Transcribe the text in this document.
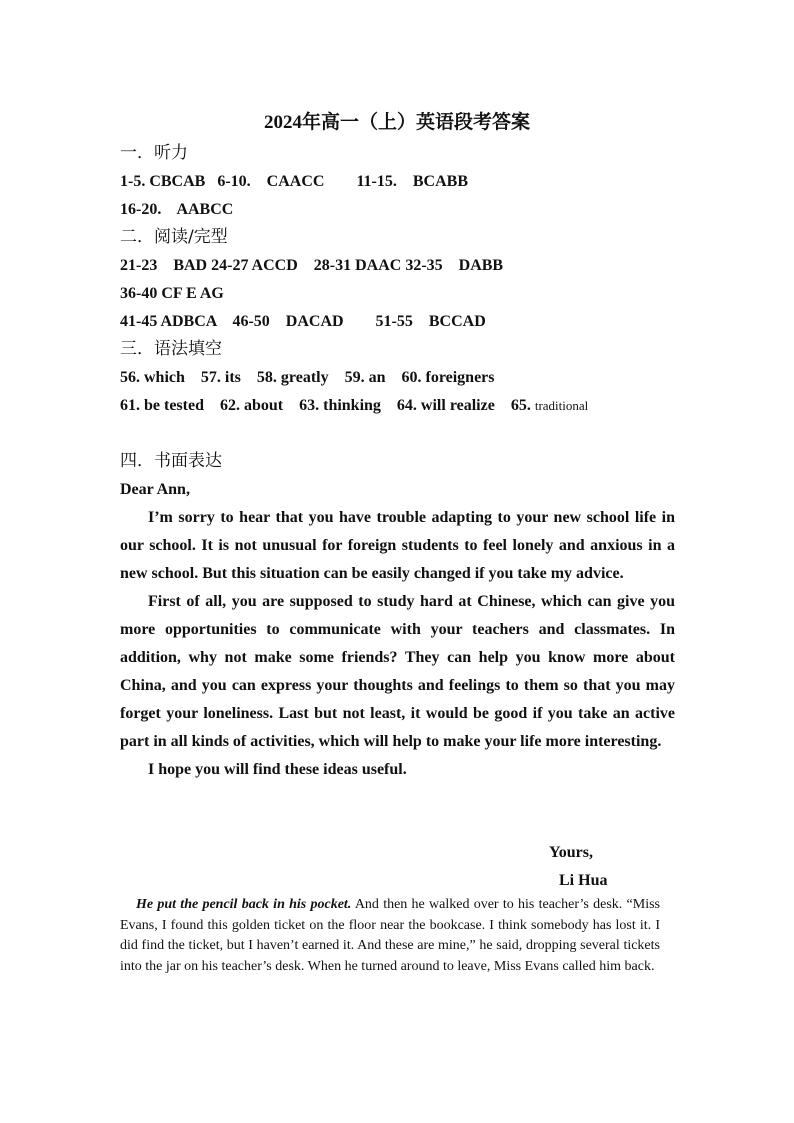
2024年高一（上）英语段考答案
一．听力
1-5. CBCAB   6-10.    CAACC        11-15.    BCABB
16-20.    AABCC
二．阅读/完型
21-23    BAD 24-27 ACCD    28-31 DAAC 32-35    DABB
36-40 CF E AG
41-45 ADBCA    46-50    DACAD        51-55    BCCAD
三．语法填空
56. which    57. its    58. greatly    59. an    60. foreigners
61. be tested    62. about    63. thinking    64. will realize    65. traditional
四．书面表达
Dear Ann,

I’m sorry to hear that you have trouble adapting to your new school life in our school. It is not unusual for foreign students to feel lonely and anxious in a new school. But this situation can be easily changed if you take my advice.

First of all, you are supposed to study hard at Chinese, which can give you more opportunities to communicate with your teachers and classmates. In addition, why not make some friends? They can help you know more about China, and you can express your thoughts and feelings to them so that you may forget your loneliness. Last but not least, it would be good if you take an active part in all kinds of activities, which will help to make your life more interesting.

I hope you will find these ideas useful.

Yours,
Li Hua
He put the pencil back in his pocket. And then he walked over to his teacher’s desk. “Miss Evans, I found this golden ticket on the floor near the bookcase. I think somebody has lost it. I did find the ticket, but I haven’t earned it. And these are mine,” he said, dropping several tickets into the jar on his teacher’s desk. When he turned around to leave, Miss Evans called him back.
